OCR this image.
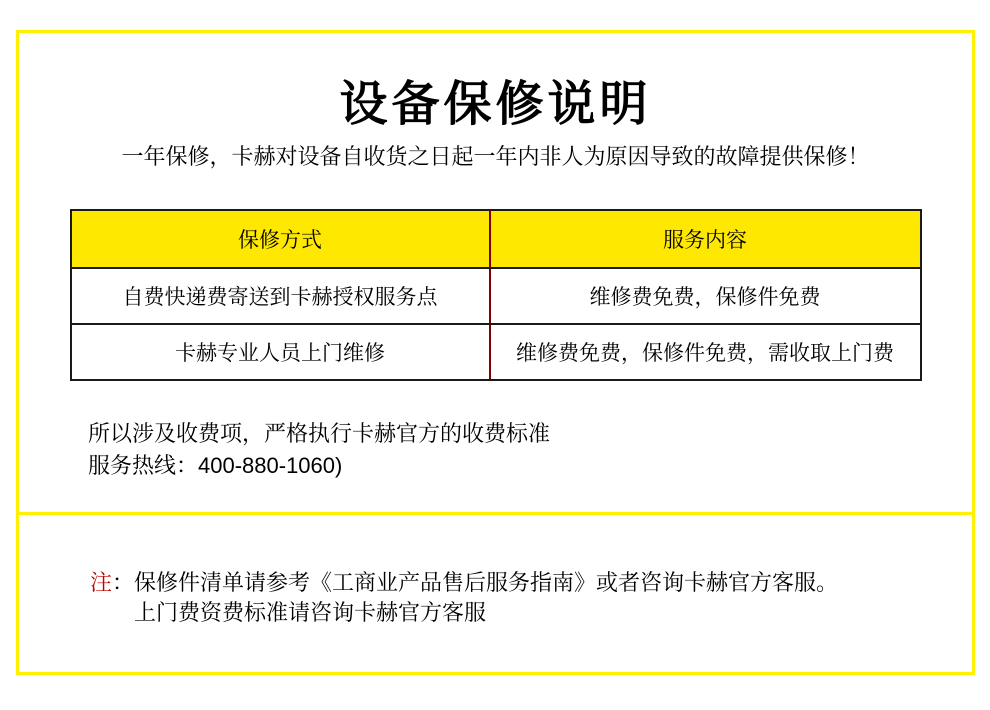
设备保修说明

一年保修，卡赫对设备自收货之日起一年内非人为原因导致的故障提供保修！

保修方式	服务内容
自费快递费寄送到卡赫授权服务点	维修费免费，保修件免费
卡赫专业人员上门维修	维修费免费，保修件免费，需收取上门费

所以涉及收费项，严格执行卡赫官方的收费标准
服务热线：400-880-1060)

注：保修件清单请参考《工商业产品售后服务指南》或者咨询卡赫官方客服。
上门费资费标准请咨询卡赫官方客服
